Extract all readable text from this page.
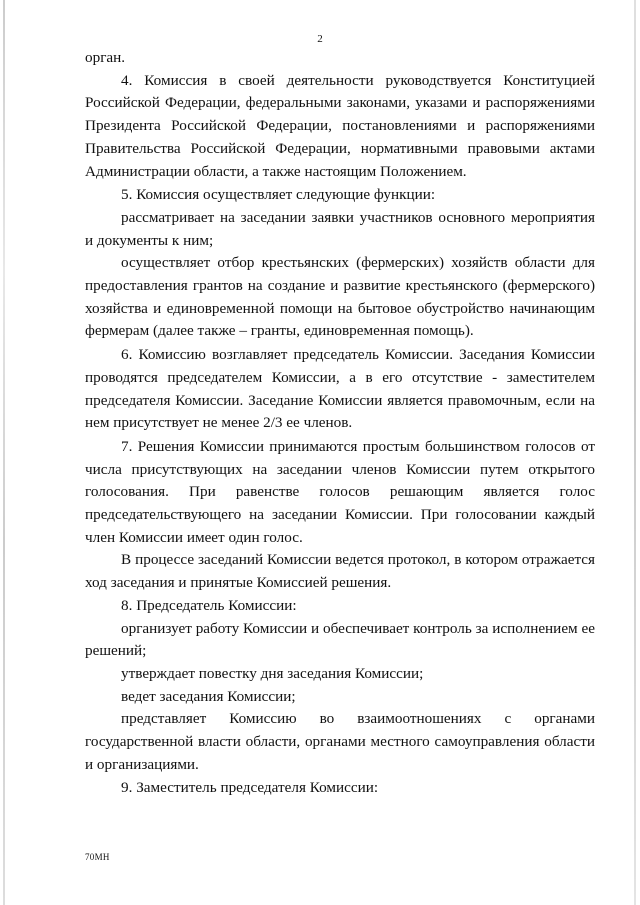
2

орган.

4. Комиссия в своей деятельности руководствуется Конституцией Российской Федерации, федеральными законами, указами и распоряжениями Президента Российской Федерации, постановлениями и распоряжениями Правительства Российской Федерации, нормативными правовыми актами Администрации области, а также настоящим Положением.

5. Комиссия осуществляет следующие функции:

рассматривает на заседании заявки участников основного мероприятия и документы к ним;

осуществляет отбор крестьянских (фермерских) хозяйств области для предоставления грантов на создание и развитие крестьянского (фермерского) хозяйства и единовременной помощи на бытовое обустройство начинающим фермерам (далее также – гранты, единовременная помощь).

6. Комиссию возглавляет председатель Комиссии. Заседания Комиссии проводятся председателем Комиссии, а в его отсутствие - заместителем председателя Комиссии. Заседание Комиссии является правомочным, если на нем присутствует не менее 2/3 ее членов.

7. Решения Комиссии принимаются простым большинством голосов от числа присутствующих на заседании членов Комиссии путем открытого голосования. При равенстве голосов решающим является голос председательствующего на заседании Комиссии. При голосовании каждый член Комиссии имеет один голос.

В процессе заседаний Комиссии ведется протокол, в котором отражается ход заседания и принятые Комиссией решения.

8. Председатель Комиссии:

организует работу Комиссии и обеспечивает контроль за исполнением ее решений;

утверждает повестку дня заседания Комиссии;

ведет заседания Комиссии;

представляет Комиссию во взаимоотношениях с органами государственной власти области, органами местного самоуправления области и организациями.

9. Заместитель председателя Комиссии:

70МН
